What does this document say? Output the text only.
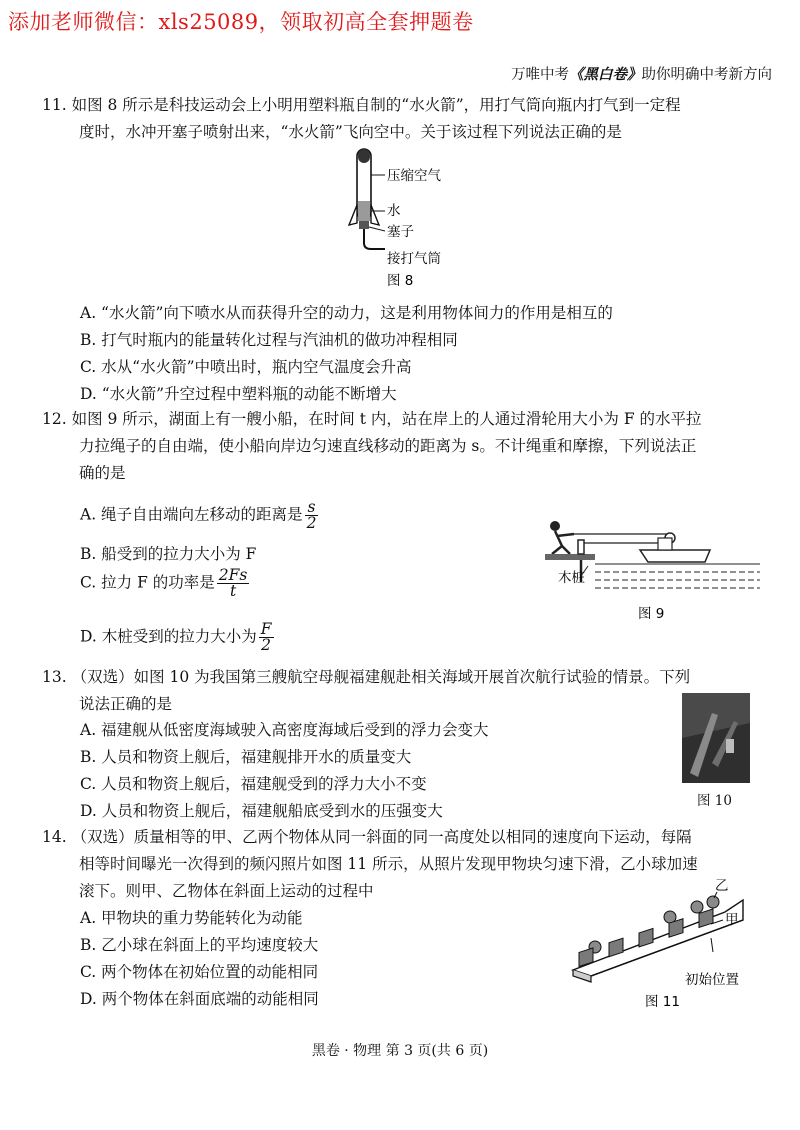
添加老师微信：xls25089，领取初高全套押题卷
万唯中考《黑白卷》助你明确中考新方向
11. 如图 8 所示是科技运动会上小明用塑料瓶自制的“水火箭”，用打气筒向瓶内打气到一定程
度时，水冲开塞子喷射出来，“水火箭”飞向空中。关于该过程下列说法正确的是
压缩空气
水
塞子
接打气筒
图 8
A. “水火箭”向下喷水从而获得升空的动力，这是利用物体间力的作用是相互的
B. 打气时瓶内的能量转化过程与汽油机的做功冲程相同
C. 水从“水火箭”中喷出时，瓶内空气温度会升高
D. “水火箭”升空过程中塑料瓶的动能不断增大
12. 如图 9 所示，湖面上有一艘小船，在时间 t 内，站在岸上的人通过滑轮用大小为 F 的水平拉
力拉绳子的自由端，使小船向岸边匀速直线移动的距离为 s。不计绳重和摩擦，下列说法正
确的是
A. 绳子自由端向左移动的距离是 $\frac{s}{2}$
B. 船受到的拉力大小为 F
C. 拉力 F 的功率是 $\frac{2Fs}{t}$
D. 木桩受到的拉力大小为 $\frac{F}{2}$
木桩
图 9
13. （双选）如图 10 为我国第三艘航空母舰福建舰赴相关海域开展首次航行试验的情景。下列
说法正确的是
A. 福建舰从低密度海域驶入高密度海域后受到的浮力会变大
B. 人员和物资上舰后，福建舰排开水的质量变大
C. 人员和物资上舰后，福建舰受到的浮力大小不变
D. 人员和物资上舰后，福建舰船底受到水的压强变大
图 10
14. （双选）质量相等的甲、乙两个物体从同一斜面的同一高度处以相同的速度向下运动，每隔
相等时间曝光一次得到的频闪照片如图 11 所示，从照片发现甲物块匀速下滑，乙小球加速
滚下。则甲、乙物体在斜面上运动的过程中
A. 甲物块的重力势能转化为动能
B. 乙小球在斜面上的平均速度较大
C. 两个物体在初始位置的动能相同
D. 两个物体在斜面底端的动能相同
乙
甲
初始位置
图 11
黑卷 · 物理 第 3 页(共 6 页)
